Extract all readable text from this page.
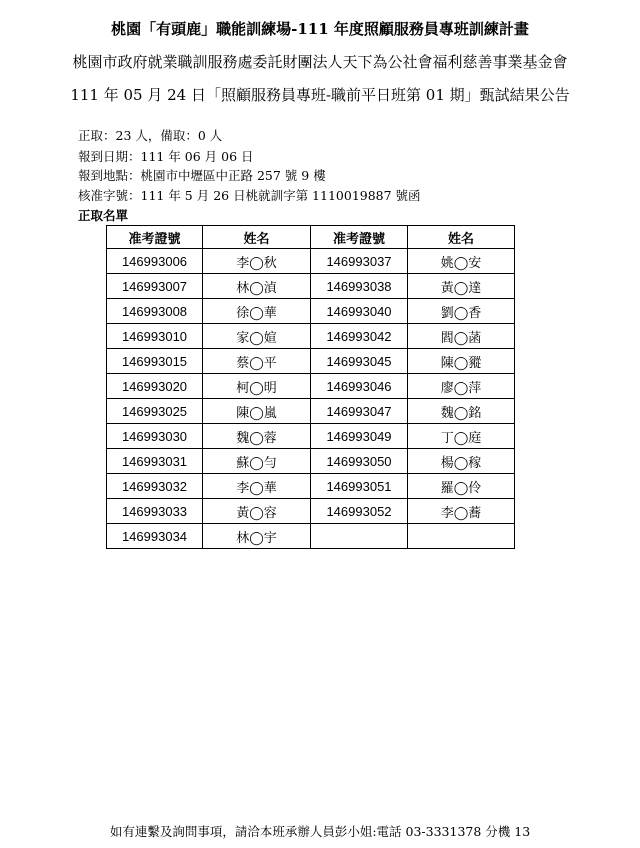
桃園「有頭鹿」職能訓練場-111 年度照顧服務員專班訓練計畫
桃園市政府就業職訓服務處委託財團法人天下為公社會福利慈善事業基金會
111 年 05 月 24 日「照顧服務員專班-職前平日班第 01 期」甄試結果公告
正取：23 人，備取：0 人
報到日期：111 年 06 月 06 日
報到地點：桃園市中壢區中正路 257 號 9 樓
核准字號：111 年 5 月 26 日桃就訓字第 1110019887 號函
正取名單
准考證號	姓名	准考證號	姓名
146993006	李◯秋	146993037	姚◯安
146993007	林◯湞	146993038	黃◯達
146993008	徐◯華	146993040	劉◯香
146993010	家◯媗	146993042	閻◯菡
146993015	蔡◯平	146993045	陳◯豵
146993020	柯◯明	146993046	廖◯萍
146993025	陳◯嵐	146993047	魏◯銘
146993030	魏◯蓉	146993049	丁◯庭
146993031	蘇◯勻	146993050	楊◯稼
146993032	李◯華	146993051	羅◯伶
146993033	黃◯容	146993052	李◯蕎
146993034	林◯宇		
如有連繫及詢問事項，請洽本班承辦人員彭小姐:電話 03-3331378 分機 13
